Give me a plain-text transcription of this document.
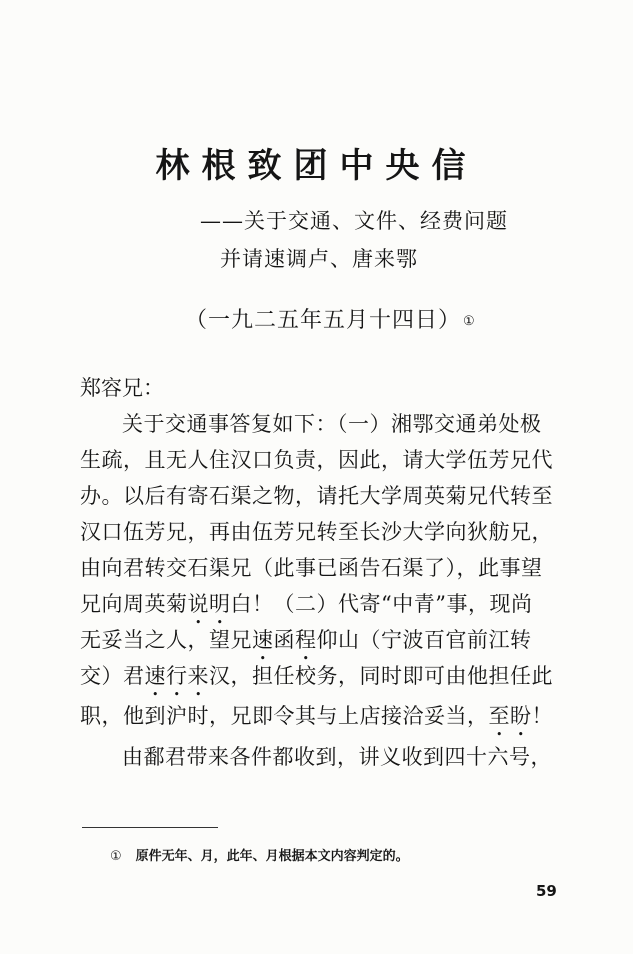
林根致团中央信
——关于交通、文件、经费问题
并请速调卢、唐来鄂
（一九二五年五月十四日） ①
郑容兄：
关于交通事答复如下：（一）湘鄂交通弟处极
生疏，且无人住汉口负责，因此，请大学伍芳兄代
办。以后有寄石渠之物，请托大学周英菊兄代转至
汉口伍芳兄，再由伍芳兄转至长沙大学向狄舫兄，
由向君转交石渠兄（此事已函告石渠了），此事望
兄向周英菊说明白！（二）代寄“中青”事，现尚
无妥当之人，望兄速函程仰山（宁波百官前江转
交）君速行来汉，担任校务，同时即可由他担任此
职，他到沪时，兄即令其与上店接洽妥当，至盼！
由鄱君带来各件都收到，讲义收到四十六号，
① 原件无年、月，此年、月根据本文内容判定的。
59
